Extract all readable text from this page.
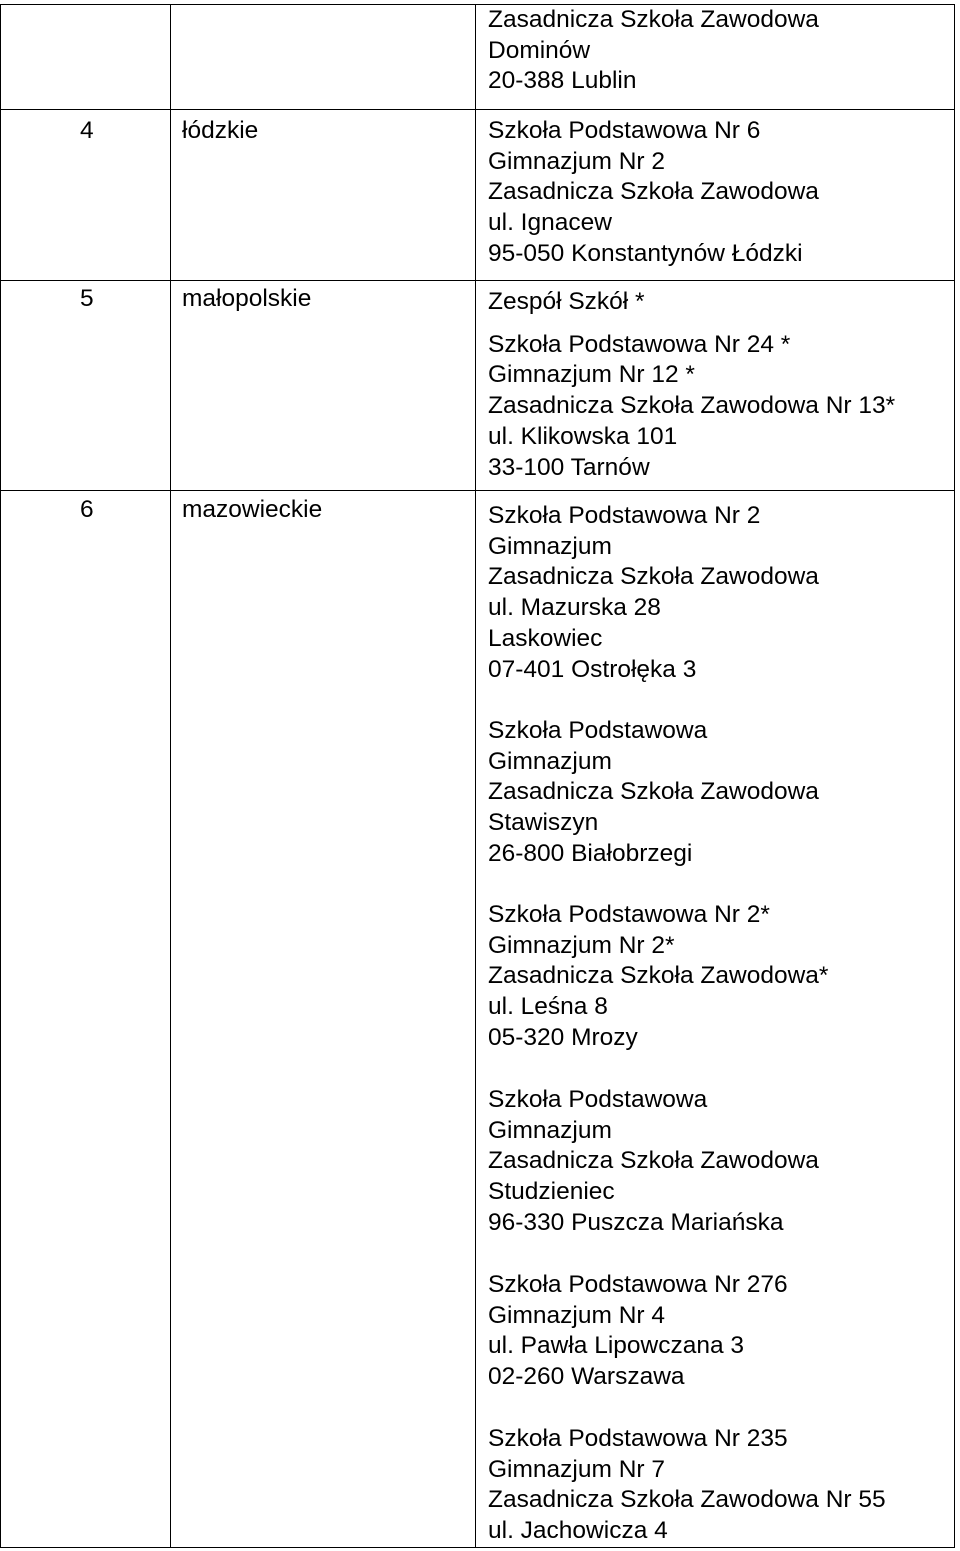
Zasadnicza Szkoła Zawodowa
Dominów
20-388 Lublin
4	łódzkie	Szkoła Podstawowa Nr 6
Gimnazjum Nr 2
Zasadnicza Szkoła Zawodowa
ul. Ignacew
95-050 Konstantynów Łódzki
5	małopolskie	Zespół Szkół *
Szkoła Podstawowa Nr 24 *
Gimnazjum Nr 12 *
Zasadnicza Szkoła Zawodowa Nr 13*
ul. Klikowska 101
33-100 Tarnów
6	mazowieckie	Szkoła Podstawowa Nr 2
Gimnazjum
Zasadnicza Szkoła Zawodowa
ul. Mazurska 28
Laskowiec
07-401 Ostrołęka 3
Szkoła Podstawowa
Gimnazjum
Zasadnicza Szkoła Zawodowa
Stawiszyn
26-800 Białobrzegi
Szkoła Podstawowa Nr 2*
Gimnazjum Nr 2*
Zasadnicza Szkoła Zawodowa*
ul. Leśna 8
05-320 Mrozy
Szkoła Podstawowa
Gimnazjum
Zasadnicza Szkoła Zawodowa
Studzieniec
96-330 Puszcza Mariańska
Szkoła Podstawowa Nr 276
Gimnazjum Nr 4
ul. Pawła Lipowczana 3
02-260 Warszawa
Szkoła Podstawowa Nr 235
Gimnazjum Nr 7
Zasadnicza Szkoła Zawodowa Nr 55
ul. Jachowicza 4
